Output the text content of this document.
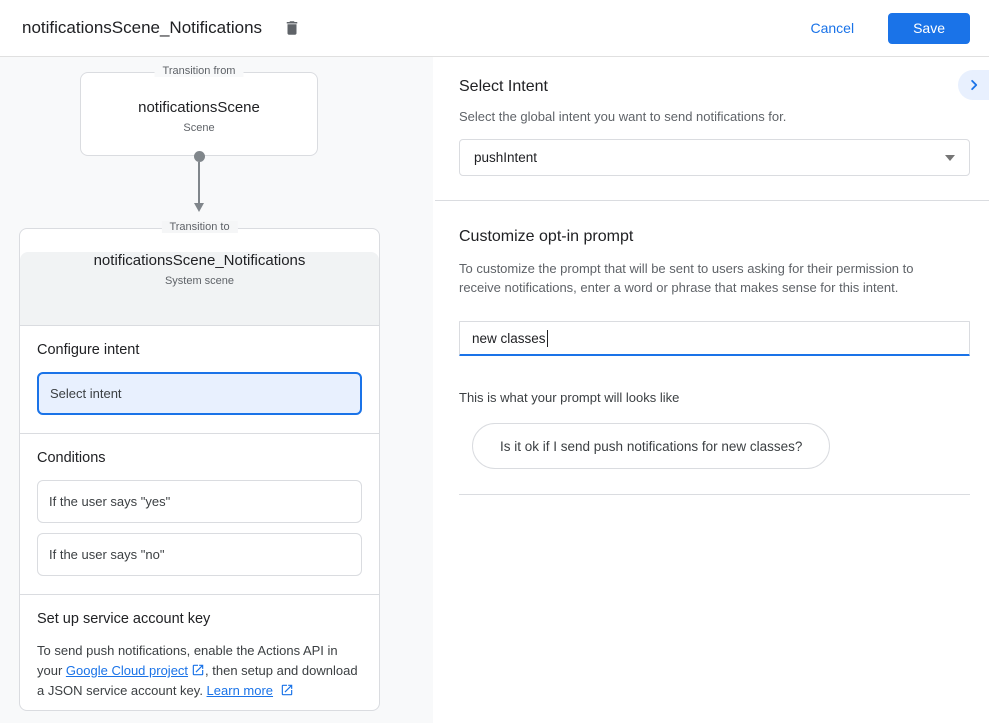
notificationsScene_Notifications	Cancel	Save
Transition from
notificationsScene
Scene
Transition to
notificationsScene_Notifications
System scene
Configure intent
Select intent
Conditions
If the user says "yes"
If the user says "no"
Set up service account key
To send push notifications, enable the Actions API in your Google Cloud project , then setup and download a JSON service account key. Learn more
Select Intent
Select the global intent you want to send notifications for.
pushIntent
Customize opt-in prompt
To customize the prompt that will be sent to users asking for their permission to receive notifications, enter a word or phrase that makes sense for this intent.
new classes
This is what your prompt will looks like
Is it ok if I send push notifications for new classes?
